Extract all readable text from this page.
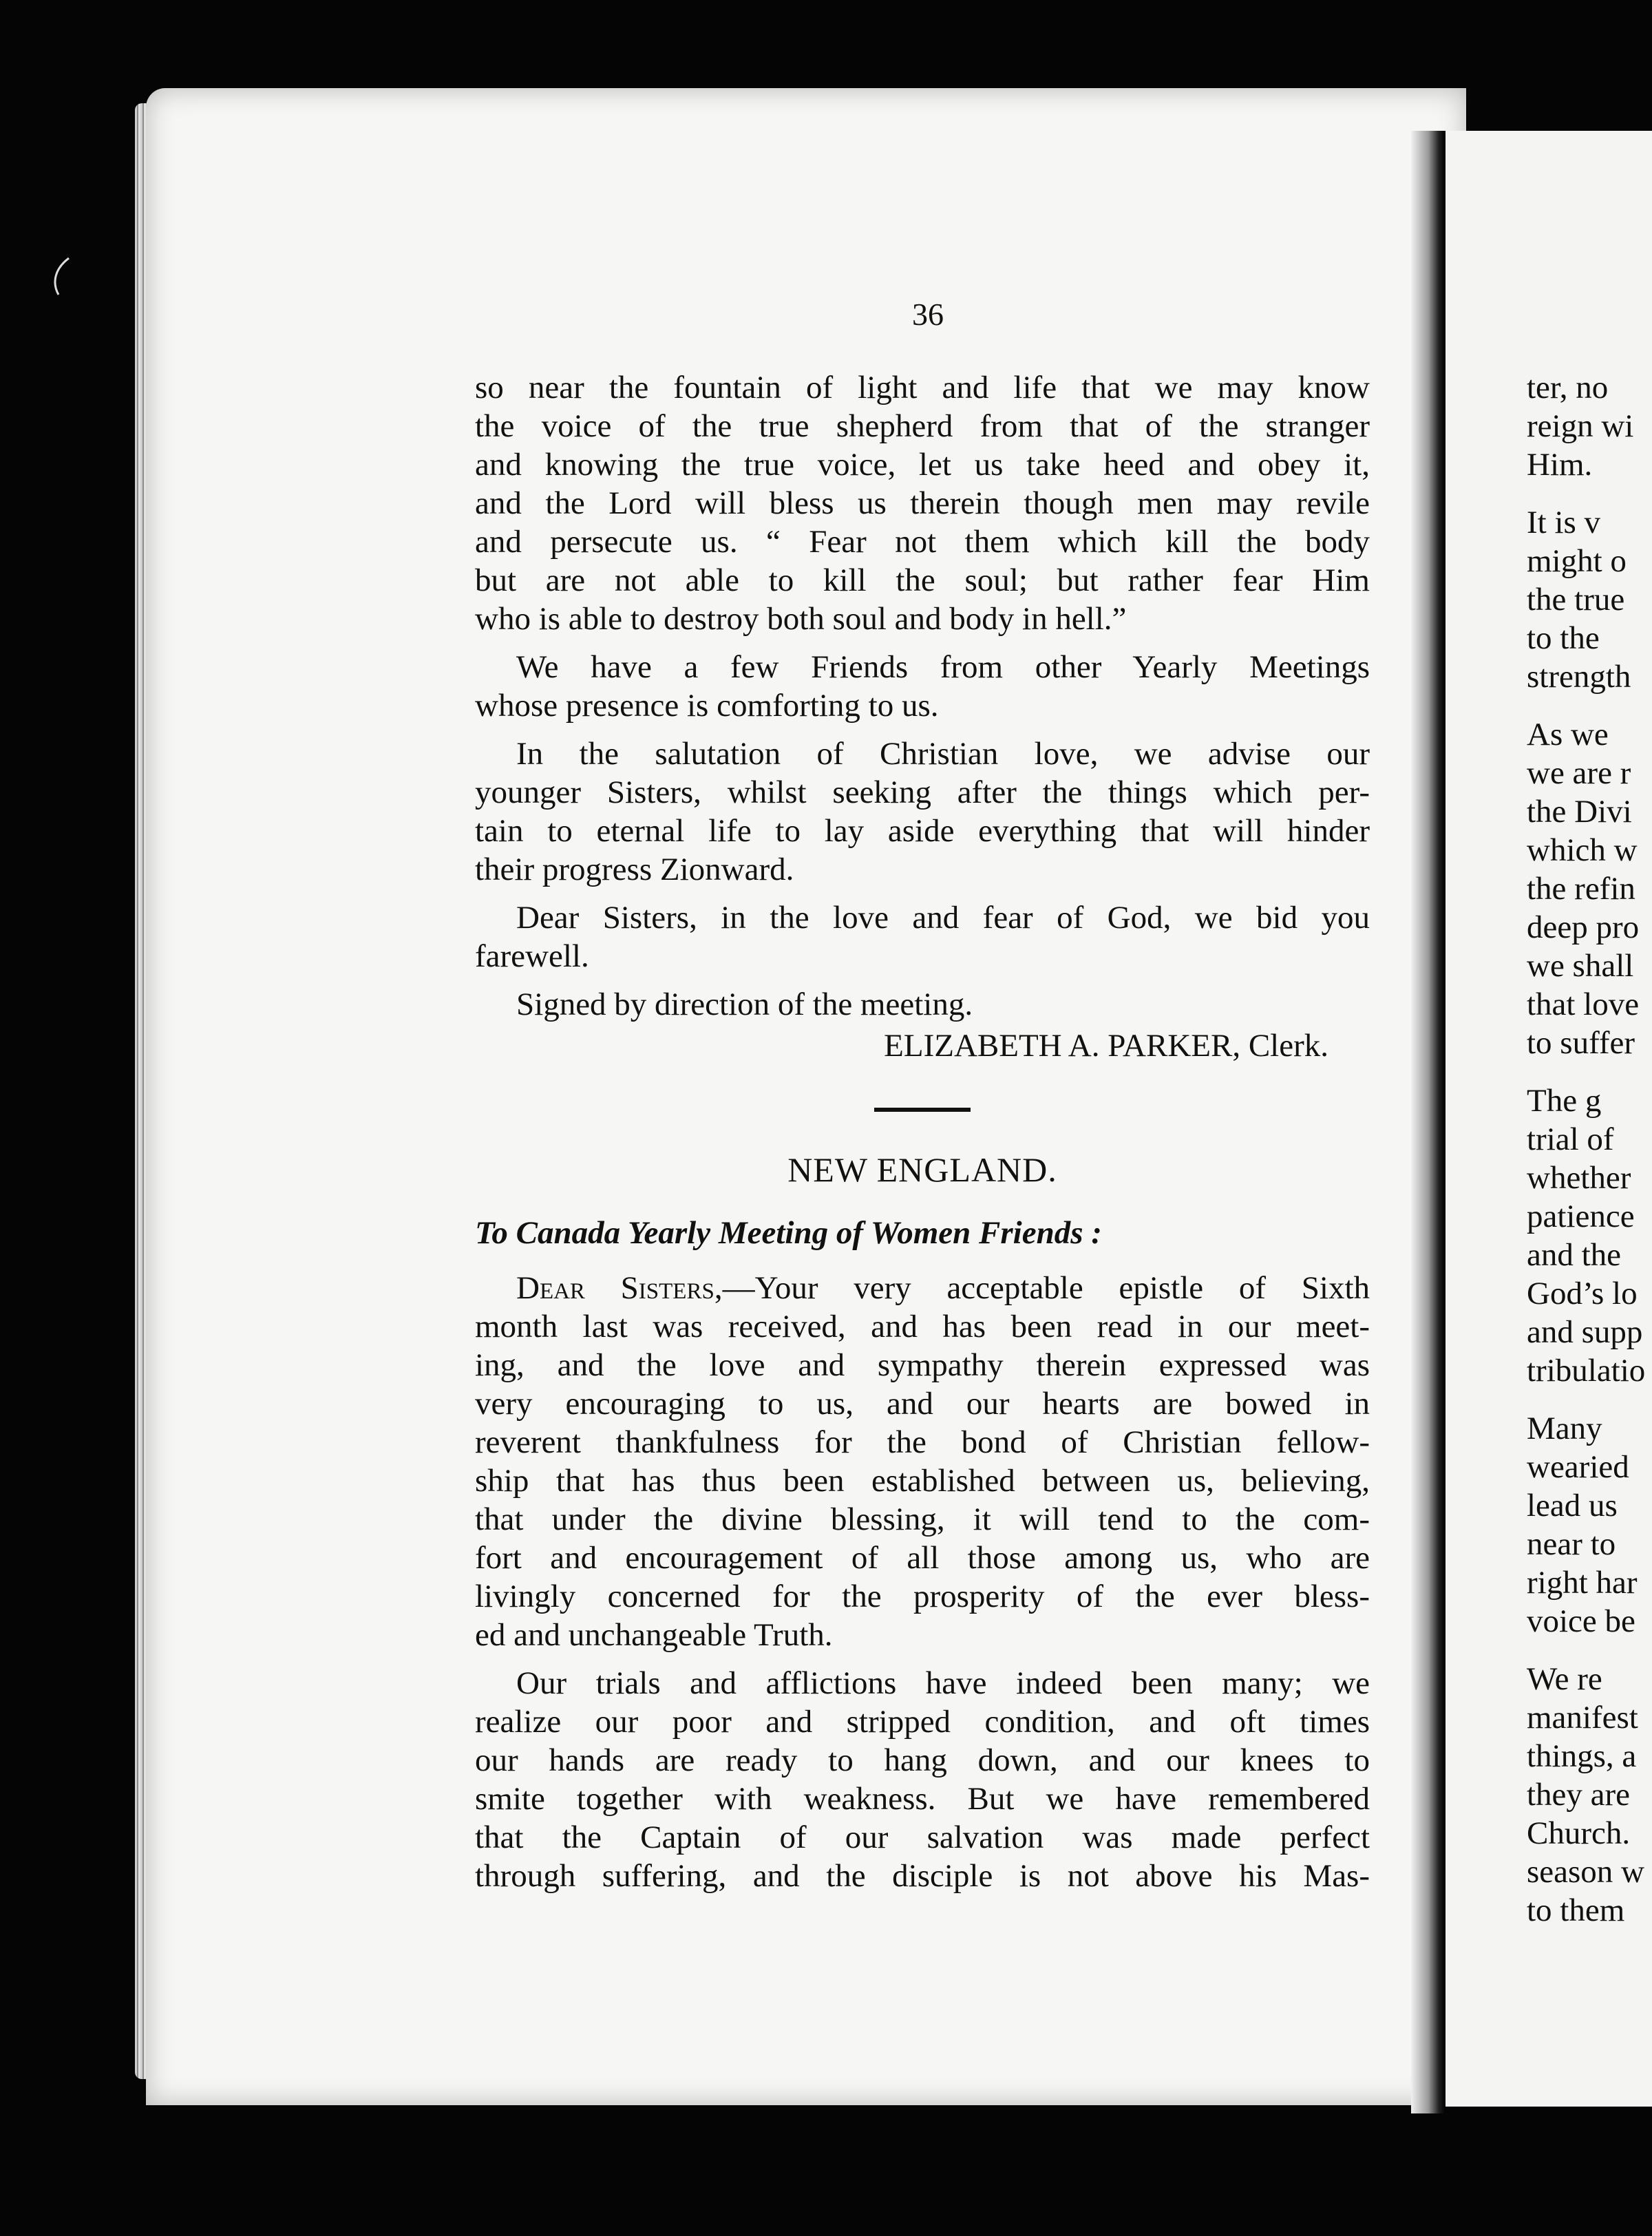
36
so near the fountain of light and life that we may know
the voice of the true shepherd from that of the stranger
and knowing the true voice, let us take heed and obey it,
and the Lord will bless us therein though men may revile
and persecute us. “ Fear not them which kill the body
but are not able to kill the soul; but rather fear Him
who is able to destroy both soul and body in hell.”
We have a few Friends from other Yearly Meetings
whose presence is comforting to us.
In the salutation of Christian love, we advise our
younger Sisters, whilst seeking after the things which per-
tain to eternal life to lay aside everything that will hinder
their progress Zionward.
Dear Sisters, in the love and fear of God, we bid you
farewell.
Signed by direction of the meeting.
ELIZABETH A. PARKER, Clerk.
NEW ENGLAND.
To Canada Yearly Meeting of Women Friends :
Dear Sisters,—Your very acceptable epistle of Sixth
month last was received, and has been read in our meet-
ing, and the love and sympathy therein expressed was
very encouraging to us, and our hearts are bowed in
reverent thankfulness for the bond of Christian fellow-
ship that has thus been established between us, believing,
that under the divine blessing, it will tend to the com-
fort and encouragement of all those among us, who are
livingly concerned for the prosperity of the ever bless-
ed and unchangeable Truth.
Our trials and afflictions have indeed been many; we
realize our poor and stripped condition, and oft times
our hands are ready to hang down, and our knees to
smite together with weakness. But we have remembered
that the Captain of our salvation was made perfect
through suffering, and the disciple is not above his Mas-
ter, no
reign wi
Him.
It is v
might o
the true
to the
strength
As we
we are r
the Divi
which w
the refin
deep pro
we shall
that love
to suffer
The g
trial of
whether
patience
and the
God’s lo
and supp
tribulatio
Many
wearied
lead us
near to
right har
voice be
We re
manifest
things, a
they are
Church.
season w
to them
